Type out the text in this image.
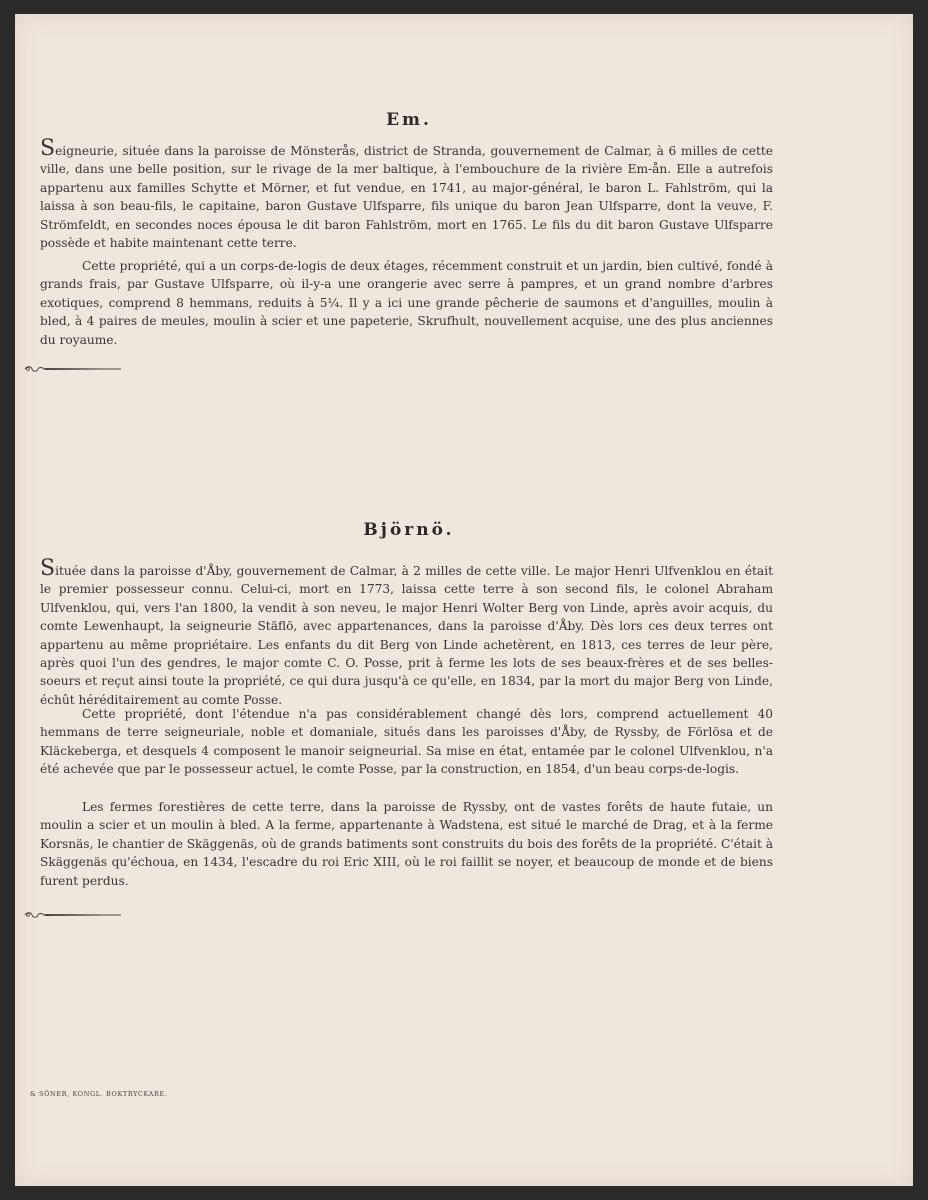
Em.

Seigneurie, située dans la paroisse de Mönsterås, district de Stranda, gouvernement de Calmar, à 6 milles de cette ville, dans une belle position, sur le rivage de la mer baltique, à l'embouchure de la rivière Em-ån. Elle a autrefois appartenu aux familles Schytte et Mörner, et fut vendue, en 1741, au major-général, le baron L. Fahlström, qui la laissa à son beau-fils, le capitaine, baron Gustave Ulfsparre, fils unique du baron Jean Ulfsparre, dont la veuve, F. Strömfeldt, en secondes noces épousa le dit baron Fahlström, mort en 1765. Le fils du dit baron Gustave Ulfsparre possède et habite maintenant cette terre.

Cette propriété, qui a un corps-de-logis de deux étages, récemment construit et un jardin, bien cultivé, fondé à grands frais, par Gustave Ulfsparre, où il-y-a une orangerie avec serre à pampres, et un grand nombre d'arbres exotiques, comprend 8 hemmans, reduits à 5¼. Il y a ici une grande pêcherie de saumons et d'anguilles, moulin à bled, à 4 paires de meules, moulin à scier et une papeterie, Skrufhult, nouvellement acquise, une des plus anciennes du royaume.

Björnö.

Située dans la paroisse d'Åby, gouvernement de Calmar, à 2 milles de cette ville. Le major Henri Ulfvenklou en était le premier possesseur connu. Celui-ci, mort en 1773, laissa cette terre à son second fils, le colonel Abraham Ulfvenklou, qui, vers l'an 1800, la vendit à son neveu, le major Henri Wolter Berg von Linde, après avoir acquis, du comte Lewenhaupt, la seigneurie Stäflö, avec appartenances, dans la paroisse d'Åby. Dès lors ces deux terres ont appartenu au même propriétaire. Les enfants du dit Berg von Linde achetèrent, en 1813, ces terres de leur père, après quoi l'un des gendres, le major comte C. O. Posse, prit à ferme les lots de ses beaux-frères et de ses belles-soeurs et reçut ainsi toute la propriété, ce qui dura jusqu'à ce qu'elle, en 1834, par la mort du major Berg von Linde, échût héréditairement au comte Posse.

Cette propriété, dont l'étendue n'a pas considérablement changé dès lors, comprend actuellement 40 hemmans de terre seigneuriale, noble et domaniale, situés dans les paroisses d'Åby, de Ryssby, de Förlösa et de Kläckeberga, et desquels 4 composent le manoir seigneurial. Sa mise en état, entamée par le colonel Ulfvenklou, n'a été achevée que par le possesseur actuel, le comte Posse, par la construction, en 1854, d'un beau corps-de-logis.

Les fermes forestières de cette terre, dans la paroisse de Ryssby, ont de vastes forêts de haute futaie, un moulin a scier et un moulin à bled. A la ferme, appartenante à Wadstena, est situé le marché de Drag, et à la ferme Korsnäs, le chantier de Skäggenäs, où de grands batiments sont construits du bois des forêts de la propriété. C'était à Skäggenäs qu'échoua, en 1434, l'escadre du roi Eric XIII, où le roi faillit se noyer, et beaucoup de monde et de biens furent perdus.

& SÖNER, KONGL. BOKTRYCKARE.
